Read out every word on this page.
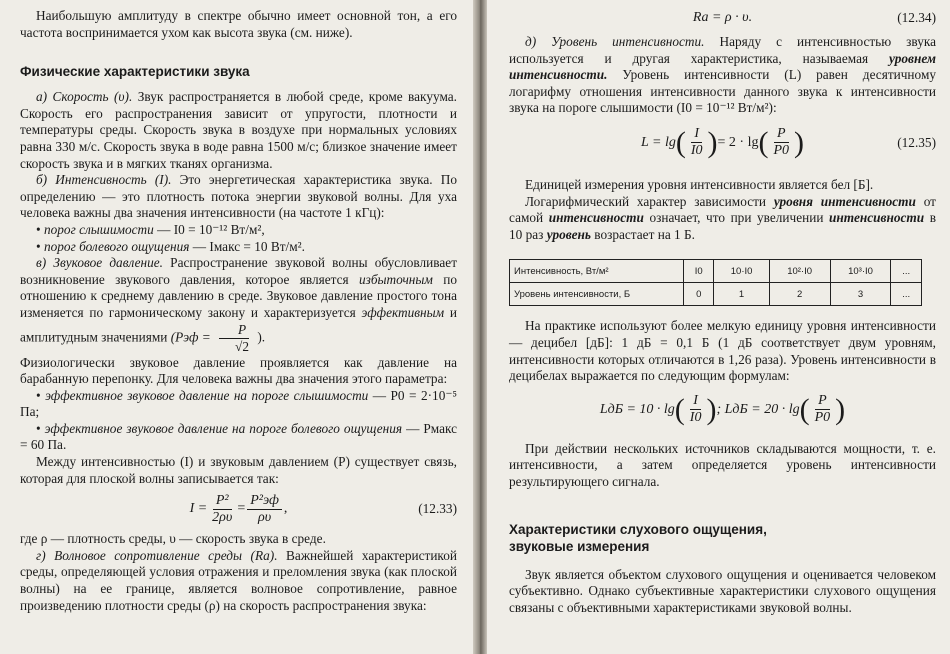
Наибольшую амплитуду в спектре обычно имеет основной тон, а его частота воспринимается ухом как высота звука (см. ниже).

Физические характеристики звука

а) Скорость (υ). Звук распространяется в любой среде, кроме вакуума. Скорость его распространения зависит от упругости, плотности и температуры среды. Скорость звука в воздухе при нормальных условиях равна 330 м/с. Скорость звука в воде равна 1500 м/с; близкое значение имеет скорость звука и в мягких тканях организма.

б) Интенсивность (I). Это энергетическая характеристика звука. По определению — это плотность потока энергии звуковой волны. Для уха человека важны два значения интенсивности (на частоте 1 кГц):

• порог слышимости — I0 = 10⁻¹² Вт/м²,

• порог болевого ощущения — Iмакс = 10 Вт/м².

в) Звуковое давление. Распространение звуковой волны обусловливает возникновение звукового давления, которое является избыточным по отношению к среднему давлению в среде. Звуковое давление простого тона изменяется по гармоническому закону и характеризуется эффективным и амплитудным значениями ($Pэф = \frac{P}{√2}$ ).

Физиологически звуковое давление проявляется как давление на барабанную перепонку. Для человека важны два значения этого параметра:

• эффективное звуковое давление на пороге слышимости — P0 = 2·10⁻⁵ Па;

• эффективное звуковое давление на пороге болевого ощущения — Pмакс = 60 Па.

Между интенсивностью (I) и звуковым давлением (P) существует связь, которая для плоской волны записывается так:

$I = \frac{\text{P²}}{2\rho\upsilon} = \frac{\text{P²эф}}{\rho\upsilon}$ ,	(12.33)

где ρ — плотность среды, υ — скорость звука в среде.

г) Волновое сопротивление среды (Rа). Важнейшей характеристикой среды, определяющей условия отражения и преломления звука (как плоской волны) на ее границе, является волновое сопротивление, равное произведению плотности среды (ρ) на скорость распространения звука:

Rа = ρ · υ.	(12.34)

д) Уровень интенсивности. Наряду с интенсивностью звука используется и другая характеристика, называемая уровнем интенсивности. Уровень интенсивности (L) равен десятичному логарифму отношения интенсивности данного звука к интенсивности звука на пороге слышимости (I0 = 10⁻¹² Вт/м²):

L = lg ( $\frac{I}{I0}$ ) = 2 · lg ( $\frac{P}{P0}$ )	(12.35)

Единицей измерения уровня интенсивности является бел [Б].

Логарифмический характер зависимости уровня интенсивности от самой интенсивности означает, что при увеличении интенсивности в 10 раз уровень возрастает на 1 Б.

Интенсивность, Вт/м²	I0	10·I0	10²·I0	10³·I0	...
Уровень интенсивности, Б	0	1	2	3	...

На практике используют более мелкую единицу уровня интенсивности — децибел [дБ]: 1 дБ = 0,1 Б (1 дБ соответствует двум уровням, интенсивности которых отличаются в 1,26 раза). Уровень интенсивности в децибелах выражается по следующим формулам:

LдБ = 10 · lg ( $\frac{I}{I0}$ ) ; LдБ = 20 · lg ( $\frac{P}{P0}$ )

При действии нескольких источников складываются мощности, т. е. интенсивности, а затем определяется уровень интенсивности результирующего сигнала.

Характеристики слухового ощущения,
звуковые измерения

Звук является объектом слухового ощущения и оценивается человеком субъективно. Однако субъективные характеристики слухового ощущения связаны с объективными характеристиками звуковой волны.
